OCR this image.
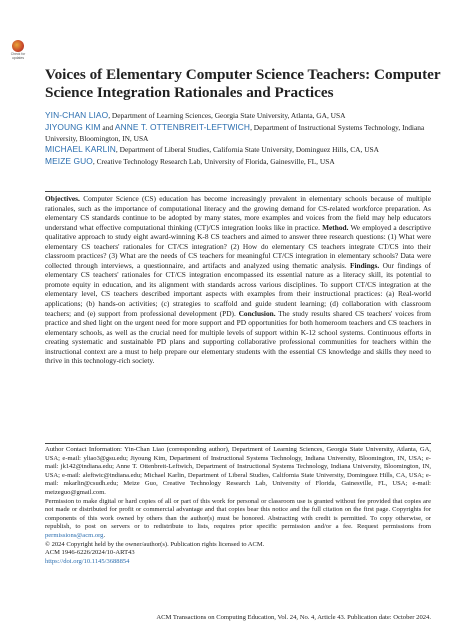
Check for updates
Voices of Elementary Computer Science Teachers: Computer Science Integration Rationales and Practices
YIN-CHAN LIAO, Department of Learning Sciences, Georgia State University, Atlanta, GA, USA
JIYOUNG KIM and ANNE T. OTTENBREIT-LEFTWICH, Department of Instructional Systems Technology, Indiana University, Bloomington, IN, USA
MICHAEL KARLIN, Department of Liberal Studies, California State University, Dominguez Hills, CA, USA
MEIZE GUO, Creative Technology Research Lab, University of Florida, Gainesville, FL, USA
Objectives. Computer Science (CS) education has become increasingly prevalent in elementary schools because of multiple rationales, such as the importance of computational literacy and the growing demand for CS-related workforce preparation. As elementary CS standards continue to be adopted by many states, more examples and voices from the field may help educators understand what effective computational thinking (CT)/CS integration looks like in practice. Method. We employed a descriptive qualitative approach to study eight award-winning K-8 CS teachers and aimed to answer three research questions: (1) What were elementary CS teachers' rationales for CT/CS integration? (2) How do elementary CS teachers integrate CT/CS into their classroom practices? (3) What are the needs of CS teachers for meaningful CT/CS integration in elementary schools? Data were collected through interviews, a questionnaire, and artifacts and analyzed using thematic analysis. Findings. Our findings of elementary CS teachers' rationales for CT/CS integration encompassed its essential nature as a literacy skill, its potential to promote equity in education, and its alignment with standards across various disciplines. To support CT/CS integration at the elementary level, CS teachers described important aspects with examples from their instructional practices: (a) Real-world applications; (b) hands-on activities; (c) strategies to scaffold and guide student learning; (d) collaboration with classroom teachers; and (e) support from professional development (PD). Conclusion. The study results shared CS teachers' voices from practice and shed light on the urgent need for more support and PD opportunities for both homeroom teachers and CS teachers in elementary schools, as well as the crucial need for multiple levels of support within K-12 school systems. Continuous efforts in creating systematic and sustainable PD plans and supporting collaborative professional communities for teachers within the instructional context are a must to help prepare our elementary students with the essential CS knowledge and skills they need to thrive in this technology-rich society.

Author Contact Information: Yin-Chan Liao (corresponding author), Department of Learning Sciences, Georgia State University, Atlanta, GA, USA; e-mail: yliao3@gsu.edu; Jiyoung Kim, Department of Instructional Systems Technology, Indiana University, Bloomington, IN, USA; e-mail: jk142@indiana.edu; Anne T. Ottenbreit-Leftwich, Department of Instructional Systems Technology, Indiana University, Bloomington, IN, USA; e-mail: aleftwic@indiana.edu; Michael Karlin, Department of Liberal Studies, California State University, Dominguez Hills, CA, USA; e-mail: mkarlin@csudh.edu; Meize Guo, Creative Technology Research Lab, University of Florida, Gainesville, FL, USA; e-mail: meizeguo@gmail.com.

Permission to make digital or hard copies of all or part of this work for personal or classroom use is granted without fee provided that copies are not made or distributed for profit or commercial advantage and that copies bear this notice and the full citation on the first page. Copyrights for components of this work owned by others than the author(s) must be honored. Abstracting with credit is permitted. To copy otherwise, or republish, to post on servers or to redistribute to lists, requires prior specific permission and/or a fee. Request permissions from permissions@acm.org.

© 2024 Copyright held by the owner/author(s). Publication rights licensed to ACM.

ACM 1946-6226/2024/10-ART43

https://doi.org/10.1145/3688854

ACM Transactions on Computing Education, Vol. 24, No. 4, Article 43. Publication date: October 2024.
